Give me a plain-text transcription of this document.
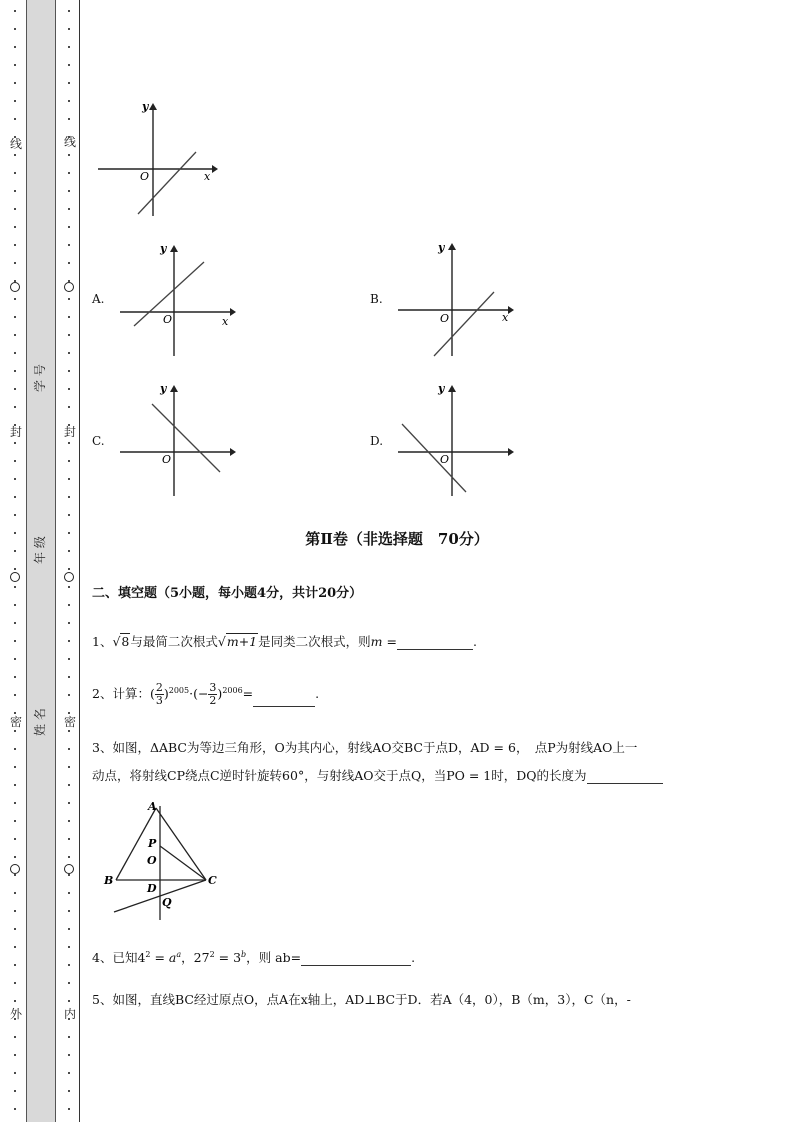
线
封
密
外
线
封
密
内
学 号
年 级
姓 名
x
y
O
A.
x
y
O
B.
x
y
O
C.
y
O
D.
y
O
第Ⅱ卷（非选择题　70分）
二、填空题（5小题，每小题4分，共计20分）
1、√8与最简二次根式√m+1是同类二次根式，则m =	.
2、计算：( $\frac{2}{3} )^{2005}\cdot(- \frac{3}{2} )^{2006}=$	.
3、如图，ΔABC为等边三角形，O为其内心，射线AO交BC于点D，AD = 6，　点P为射线AO上一
动点，将射线CP绕点C逆时针旋转60°，与射线AO交于点Q，当PO = 1时，DQ的长度为
A
P
O
B
D
C
Q
4、已知$4^2 = a^a$，$27^2 = 3^b$，则 ab=	.
5、如图，直线BC经过原点O，点A在x轴上，AD⊥BC于D．若A（4，0），B（m，3），C（n，-
